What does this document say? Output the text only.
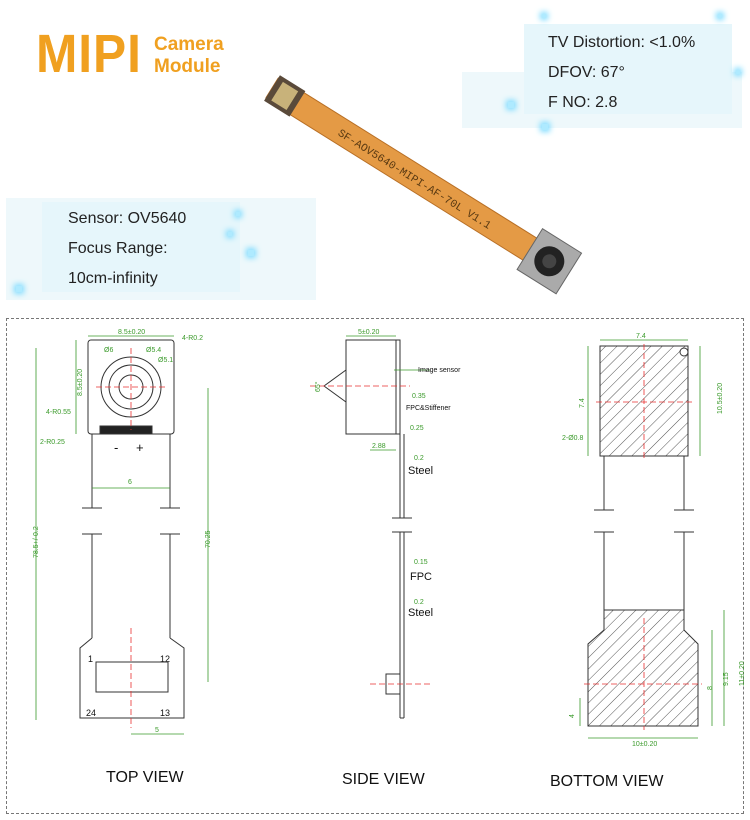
MIPI Camera
Module
TV Distortion: <1.0%
DFOV: 67°
F NO: 2.8
Sensor: OV5640
Focus Range:
10cm-infinity
SF-AOV5640-MIPI-AF-70L V1.1
8.5±0.20
4-R0.2
Ø6	Ø5.4
Ø5.1
8.5±0.20
4-R0.55
2-R0.25
6
78.5+/-0.2	70.25
5
- +
1	12
24	13
TOP VIEW
5±0.20
65°
0.35
0.25
2.88
0.2
0.15
0.2
Image sensor
FPC&Stiffener
Steel
FPC
Steel
SIDE VIEW
7.4
7.4	10.5±0.20
2-Ø0.8
4
8
9.15 11±0.20
10±0.20
BOTTOM VIEW
